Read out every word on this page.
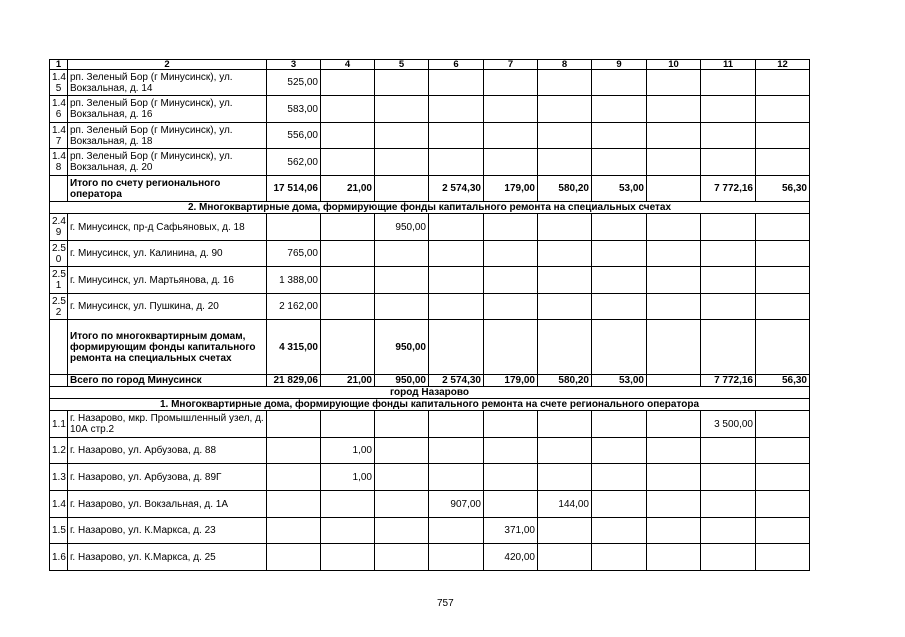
1	2	3	4	5	6	7	8	9	10	11	12
1.4 5	рп. Зеленый Бор (г Минусинск), ул. Вокзальная, д. 14	525,00									
1.4 6	рп. Зеленый Бор (г Минусинск), ул. Вокзальная, д. 16	583,00									
1.4 7	рп. Зеленый Бор (г Минусинск), ул. Вокзальная, д. 18	556,00									
1.4 8	рп. Зеленый Бор (г Минусинск), ул. Вокзальная, д. 20	562,00									
	Итого по счету регионального оператора	17 514,06	21,00		2 574,30	179,00	580,20	53,00		7 772,16	56,30
2. Многоквартирные дома, формирующие фонды капитального ремонта на специальных счетах											
2.4 9	г. Минусинск, пр-д Сафьяновых, д. 18			950,00							
2.5 0	г. Минусинск, ул. Калинина, д. 90	765,00									
2.5 1	г. Минусинск, ул. Мартьянова, д. 16	1 388,00									
2.5 2	г. Минусинск, ул. Пушкина, д. 20	2 162,00									
	Итого по многоквартирным домам, формирующим фонды капитального ремонта на специальных счетах	4 315,00		950,00							
	Всего по город Минусинск	21 829,06	21,00	950,00	2 574,30	179,00	580,20	53,00		7 772,16	56,30
город Назарово											
1. Многоквартирные дома, формирующие фонды капитального ремонта на счете регионального оператора											
1.1	г. Назарово, мкр. Промышленный узел, д. 10А стр.2									3 500,00	
1.2	г. Назарово, ул. Арбузова, д. 88		1,00								
1.3	г. Назарово, ул. Арбузова, д. 89Г		1,00								
1.4	г. Назарово, ул. Вокзальная, д. 1А				907,00		144,00				
1.5	г. Назарово, ул. К.Маркса, д. 23					371,00					
1.6	г. Назарово, ул. К.Маркса, д. 25					420,00					
757
